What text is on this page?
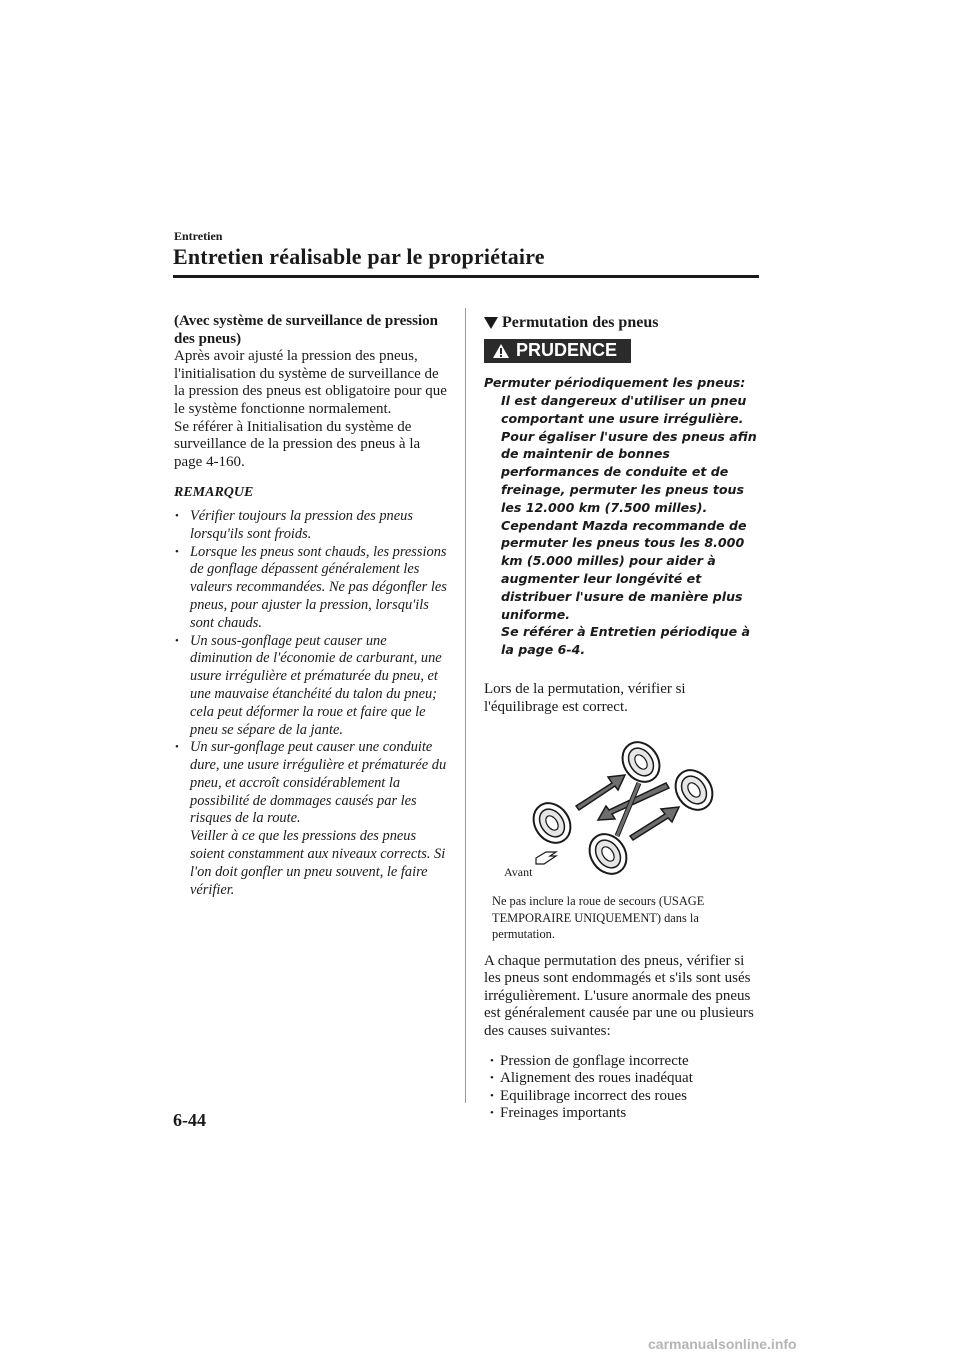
Entretien
Entretien réalisable par le propriétaire

(Avec système de surveillance de pression des pneus)

Après avoir ajusté la pression des pneus, l'initialisation du système de surveillance de la pression des pneus est obligatoire pour que le système fonctionne normalement.

Se référer à Initialisation du système de surveillance de la pression des pneus à la page 4-160.

REMARQUE
• Vérifier toujours la pression des pneus lorsqu'ils sont froids.
• Lorsque les pneus sont chauds, les pressions de gonflage dépassent généralement les valeurs recommandées. Ne pas dégonfler les pneus, pour ajuster la pression, lorsqu'ils sont chauds.
• Un sous-gonflage peut causer une diminution de l'économie de carburant, une usure irrégulière et prématurée du pneu, et une mauvaise étanchéité du talon du pneu; cela peut déformer la roue et faire que le pneu se sépare de la jante.
• Un sur-gonflage peut causer une conduite dure, une usure irrégulière et prématurée du pneu, et accroît considérablement la possibilité de dommages causés par les risques de la route.
Veiller à ce que les pressions des pneus soient constamment aux niveaux corrects. Si l'on doit gonfler un pneu souvent, le faire vérifier.
Permutation des pneus
PRUDENCE
Permuter périodiquement les pneus:
Il est dangereux d'utiliser un pneu comportant une usure irrégulière. Pour égaliser l'usure des pneus afin de maintenir de bonnes performances de conduite et de freinage, permuter les pneus tous les 12.000 km (7.500 milles). Cependant Mazda recommande de permuter les pneus tous les 8.000 km (5.000 milles) pour aider à augmenter leur longévité et distribuer l'usure de manière plus uniforme.
Se référer à Entretien périodique à la page 6-4.

Lors de la permutation, vérifier si l'équilibrage est correct.

Avant
Ne pas inclure la roue de secours (USAGE TEMPORAIRE UNIQUEMENT) dans la permutation.

A chaque permutation des pneus, vérifier si les pneus sont endommagés et s'ils sont usés irrégulièrement. L'usure anormale des pneus est généralement causée par une ou plusieurs des causes suivantes:

• Pression de gonflage incorrecte
• Alignement des roues inadéquat
• Equilibrage incorrect des roues
• Freinages importants
6-44
carmanualsonline.info
